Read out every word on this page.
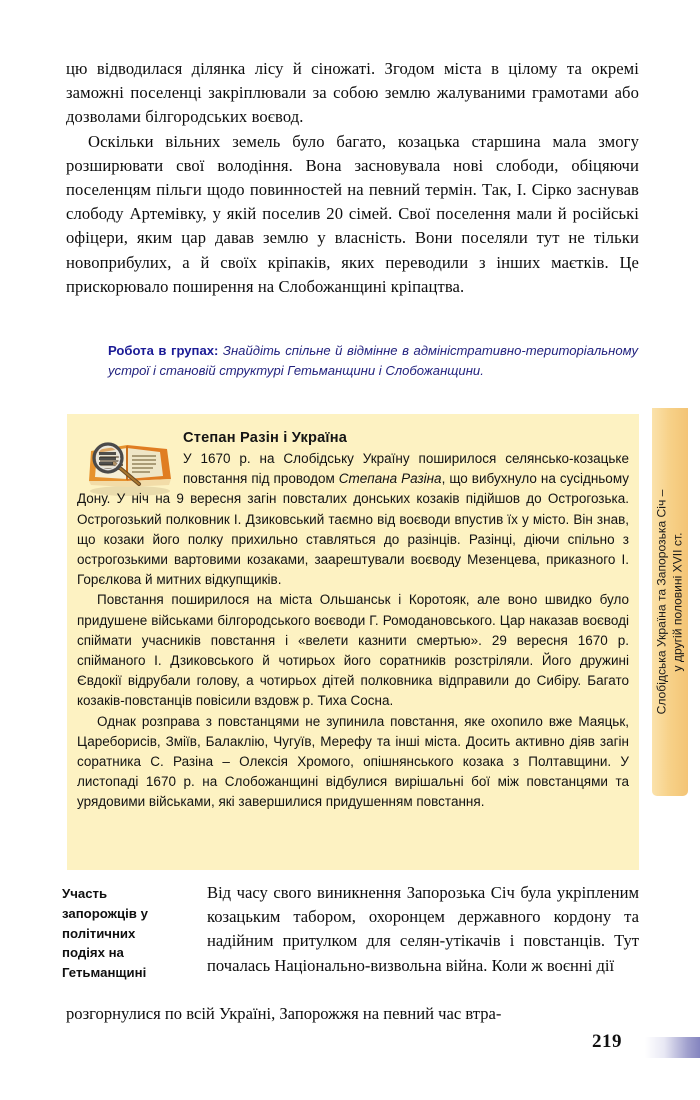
цю відводилася ділянка лісу й сіножаті. Згодом міста в цілому та окремі заможні поселенці закріплювали за собою землю жалуваними грамотами або дозволами білгородських воєвод.

Оскільки вільних земель було багато, козацька старшина мала змогу розширювати свої володіння. Вона засновувала нові слободи, обіцяючи поселенцям пільги щодо повинностей на певний термін. Так, І. Сірко заснував слободу Артемівку, у якій поселив 20 сімей. Свої поселення мали й російські офіцери, яким цар давав землю у власність. Вони поселяли тут не тільки новоприбулих, а й своїх кріпаків, яких переводили з інших маєтків. Це прискорювало поширення на Слобожанщині кріпацтва.

Робота в групах: Знайдіть спільне й відмінне в адміністративно-територіальному устрої і становій структурі Гетьманщини і Слобожанщини.
Степан Разін і Україна

У 1670 р. на Слобідську Україну поширилося селянсько-козацьке повстання під проводом Степана Разіна, що вибухнуло на сусідньому Дону. У ніч на 9 вересня загін повсталих донських козаків підійшов до Острогозька. Острогозький полковник І. Дзиковський таємно від воєводи впустив їх у місто. Він знав, що козаки його полку прихильно ставляться до разінців. Разінці, діючи спільно з острогозькими вартовими козаками, заарештували воєводу Мезенцева, приказного І. Горєлкова й митних відкупщиків.

Повстання поширилося на міста Ольшанськ і Коротояк, але воно швидко було придушене військами білгородського воєводи Г. Ромодановського. Цар наказав воєводі спіймати учасників повстання і «велети казнити смертью». 29 вересня 1670 р. спійманого І. Дзиковського й чотирьох його соратників розстріляли. Його дружині Євдокії відрубали голову, а чотирьох дітей полковника відправили до Сибіру. Багато козаків-повстанців повісили вздовж р. Тиха Сосна.

Однак розправа з повстанцями не зупинила повстання, яке охопило вже Маяцьк, Цареборисів, Зміїв, Балаклію, Чугуїв, Мерефу та інші міста. Досить активно діяв загін соратника С. Разіна – Олексія Хромого, опішнянського козака з Полтавщини. У листопаді 1670 р. на Слобожанщині відбулися вирішальні бої між повстанцями та урядовими військами, які завершилися придушенням повстання.

Слобідська Україна та Запорозька Січ – у другій половині XVII ст.
Участь запорожців у політичних подіях на Гетьманщині

Від часу свого виникнення Запорозька Січ була укріпленим козацьким табором, охоронцем державного кордону та надійним притулком для селян-утікачів і повстанців. Тут почалась Національно-визвольна війна. Коли ж воєнні дії

розгорнулися по всій Україні, Запорожжя на певний час втра-

219
